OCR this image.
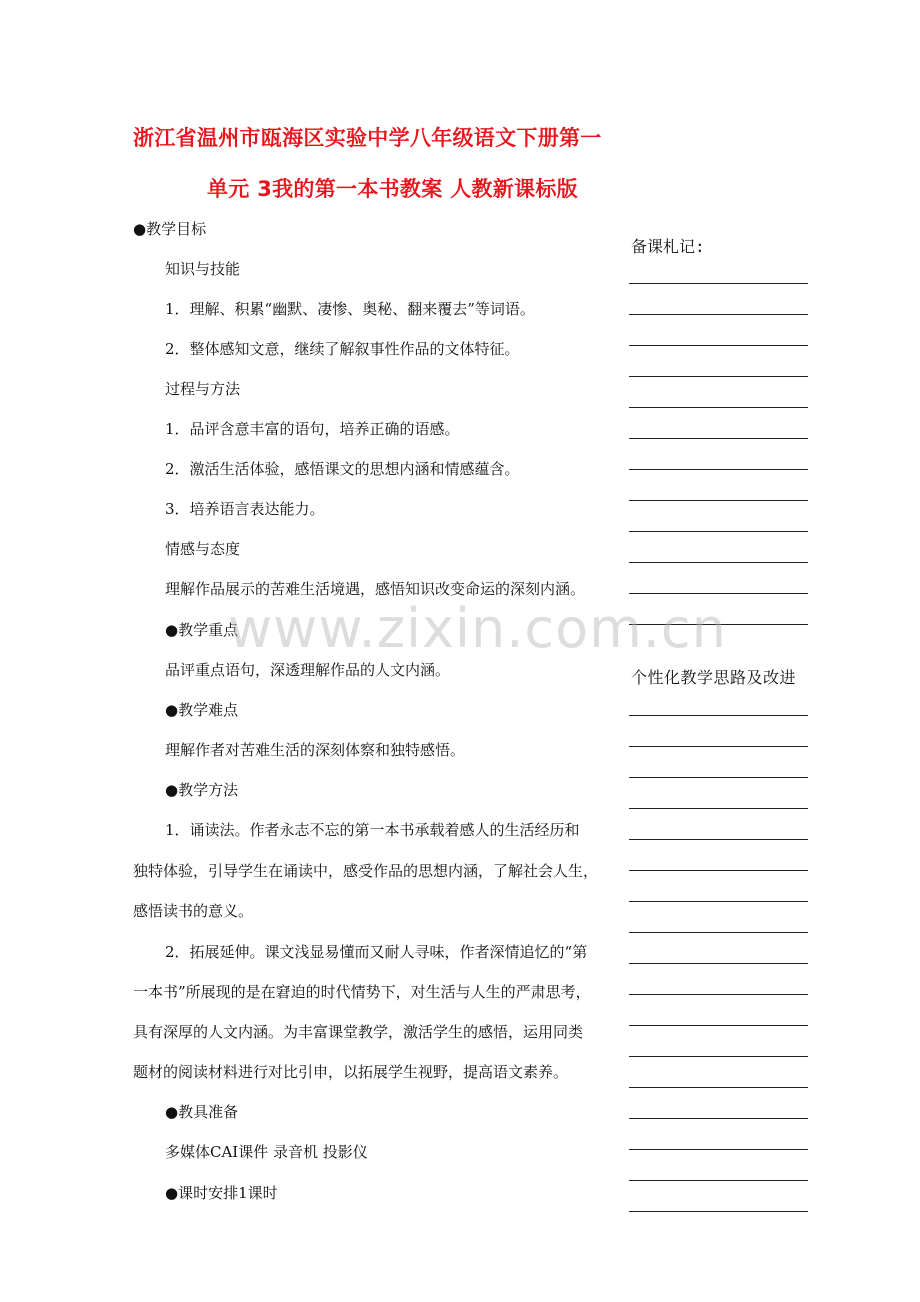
浙江省温州市瓯海区实验中学八年级语文下册第一
单元 3我的第一本书教案 人教新课标版
● 教学目标
知识与技能
1．理解、积累“幽默、凄惨、奥秘、翻来覆去”等词语。
2．整体感知文意，继续了解叙事性作品的文体特征。
过程与方法
1．品评含意丰富的语句，培养正确的语感。
2．激活生活体验，感悟课文的思想内涵和情感蕴含。
3．培养语言表达能力。
情感与态度
理解作品展示的苦难生活境遇，感悟知识改变命运的深刻内涵。
● 教学重点
品评重点语句，深透理解作品的人文内涵。
● 教学难点
理解作者对苦难生活的深刻体察和独特感悟。
● 教学方法
1．诵读法。作者永志不忘的第一本书承载着感人的生活经历和
独特体验，引导学生在诵读中，感受作品的思想内涵，了解社会人生，
感悟读书的意义。
2．拓展延伸。课文浅显易懂而又耐人寻味，作者深情追忆的“第
一本书”所展现的是在窘迫的时代情势下，对生活与人生的严肃思考，
具有深厚的人文内涵。为丰富课堂教学，激活学生的感悟，运用同类
题材的阅读材料进行对比引申，以拓展学生视野，提高语文素养。
● 教具准备
多媒体CAI课件 录音机 投影仪
● 课时安排1课时
备课札记:
个性化教学思路及改进
www.zixin.com.cn
